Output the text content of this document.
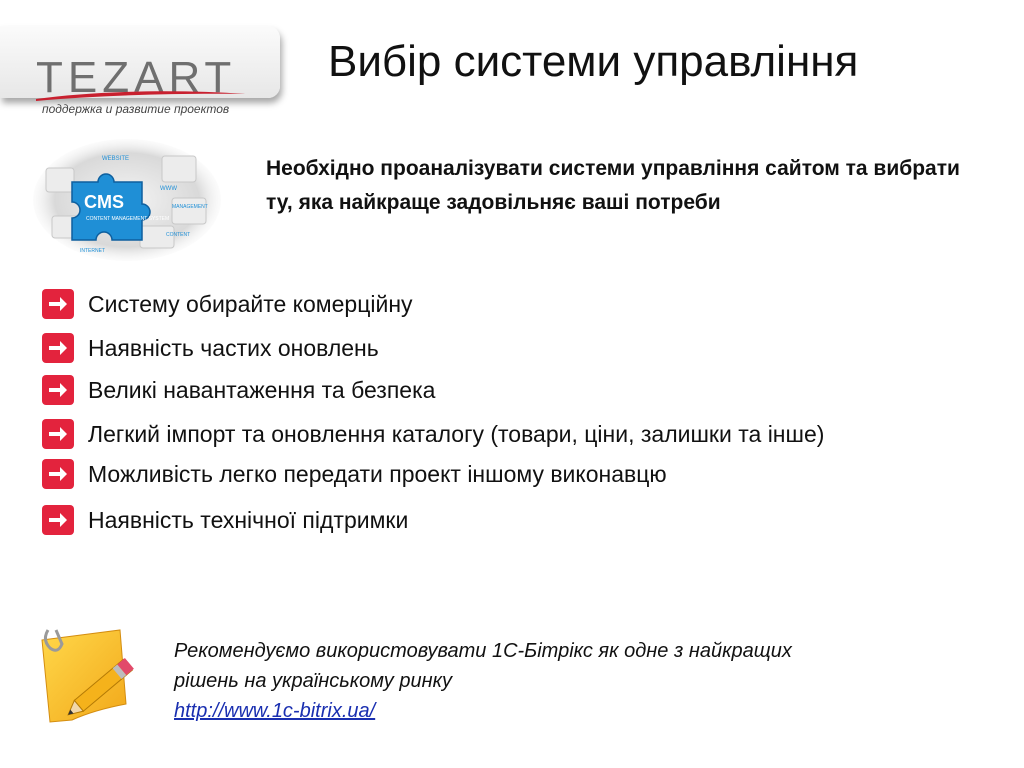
TEZART
поддержка и развитие проектов
Вибір системи управління
CMS
CONTENT MANAGEMENT SYSTEM
WEBSITE
WWW
MANAGEMENT
CONTENT
INTERNET
Необхідно проаналізувати системи управління сайтом та вибрати ту, яка найкраще задовільняє ваші потреби
Систему обирайте комерційну
Наявність частих оновлень
Великі навантаження та безпека
Легкий імпорт та оновлення каталогу (товари, ціни, залишки та інше)
Можливість легко передати проект іншому виконавцю
Наявність технічної підтримки
Рекомендуємо використовувати 1С-Бітрікс як одне з найкращих рішень на українському ринку
http://www.1c-bitrix.ua/
